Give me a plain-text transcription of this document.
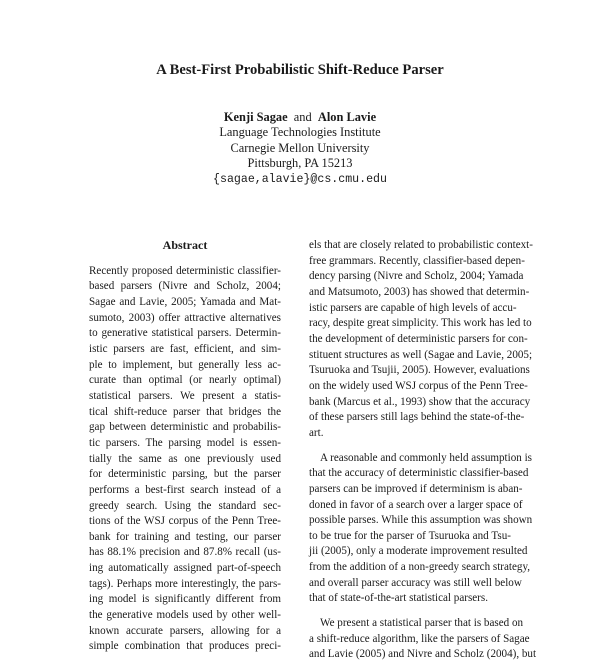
A Best-First Probabilistic Shift-Reduce Parser
Kenji Sagae and Alon Lavie
Language Technologies Institute
Carnegie Mellon University
Pittsburgh, PA 15213
{sagae,alavie}@cs.cmu.edu
Abstract
Recently proposed deterministic classifier-
based parsers (Nivre and Scholz, 2004;
Sagae and Lavie, 2005; Yamada and Mat-
sumoto, 2003) offer attractive alternatives
to generative statistical parsers. Determin-
istic parsers are fast, efficient, and sim-
ple to implement, but generally less ac-
curate than optimal (or nearly optimal)
statistical parsers. We present a statis-
tical shift-reduce parser that bridges the
gap between deterministic and probabilis-
tic parsers. The parsing model is essen-
tially the same as one previously used
for deterministic parsing, but the parser
performs a best-first search instead of a
greedy search. Using the standard sec-
tions of the WSJ corpus of the Penn Tree-
bank for training and testing, our parser
has 88.1% precision and 87.8% recall (us-
ing automatically assigned part-of-speech
tags). Perhaps more interestingly, the pars-
ing model is significantly different from
the generative models used by other well-
known accurate parsers, allowing for a
simple combination that produces preci-
els that are closely related to probabilistic context-
free grammars. Recently, classifier-based depen-
dency parsing (Nivre and Scholz, 2004; Yamada
and Matsumoto, 2003) has showed that determin-
istic parsers are capable of high levels of accu-
racy, despite great simplicity. This work has led to
the development of deterministic parsers for con-
stituent structures as well (Sagae and Lavie, 2005;
Tsuruoka and Tsujii, 2005). However, evaluations
on the widely used WSJ corpus of the Penn Tree-
bank (Marcus et al., 1993) show that the accuracy
of these parsers still lags behind the state-of-the-
art.
A reasonable and commonly held assumption is
that the accuracy of deterministic classifier-based
parsers can be improved if determinism is aban-
doned in favor of a search over a larger space of
possible parses. While this assumption was shown
to be true for the parser of Tsuruoka and Tsu-
jii (2005), only a moderate improvement resulted
from the addition of a non-greedy search strategy,
and overall parser accuracy was still well below
that of state-of-the-art statistical parsers.
We present a statistical parser that is based on
a shift-reduce algorithm, like the parsers of Sagae
and Lavie (2005) and Nivre and Scholz (2004), but
